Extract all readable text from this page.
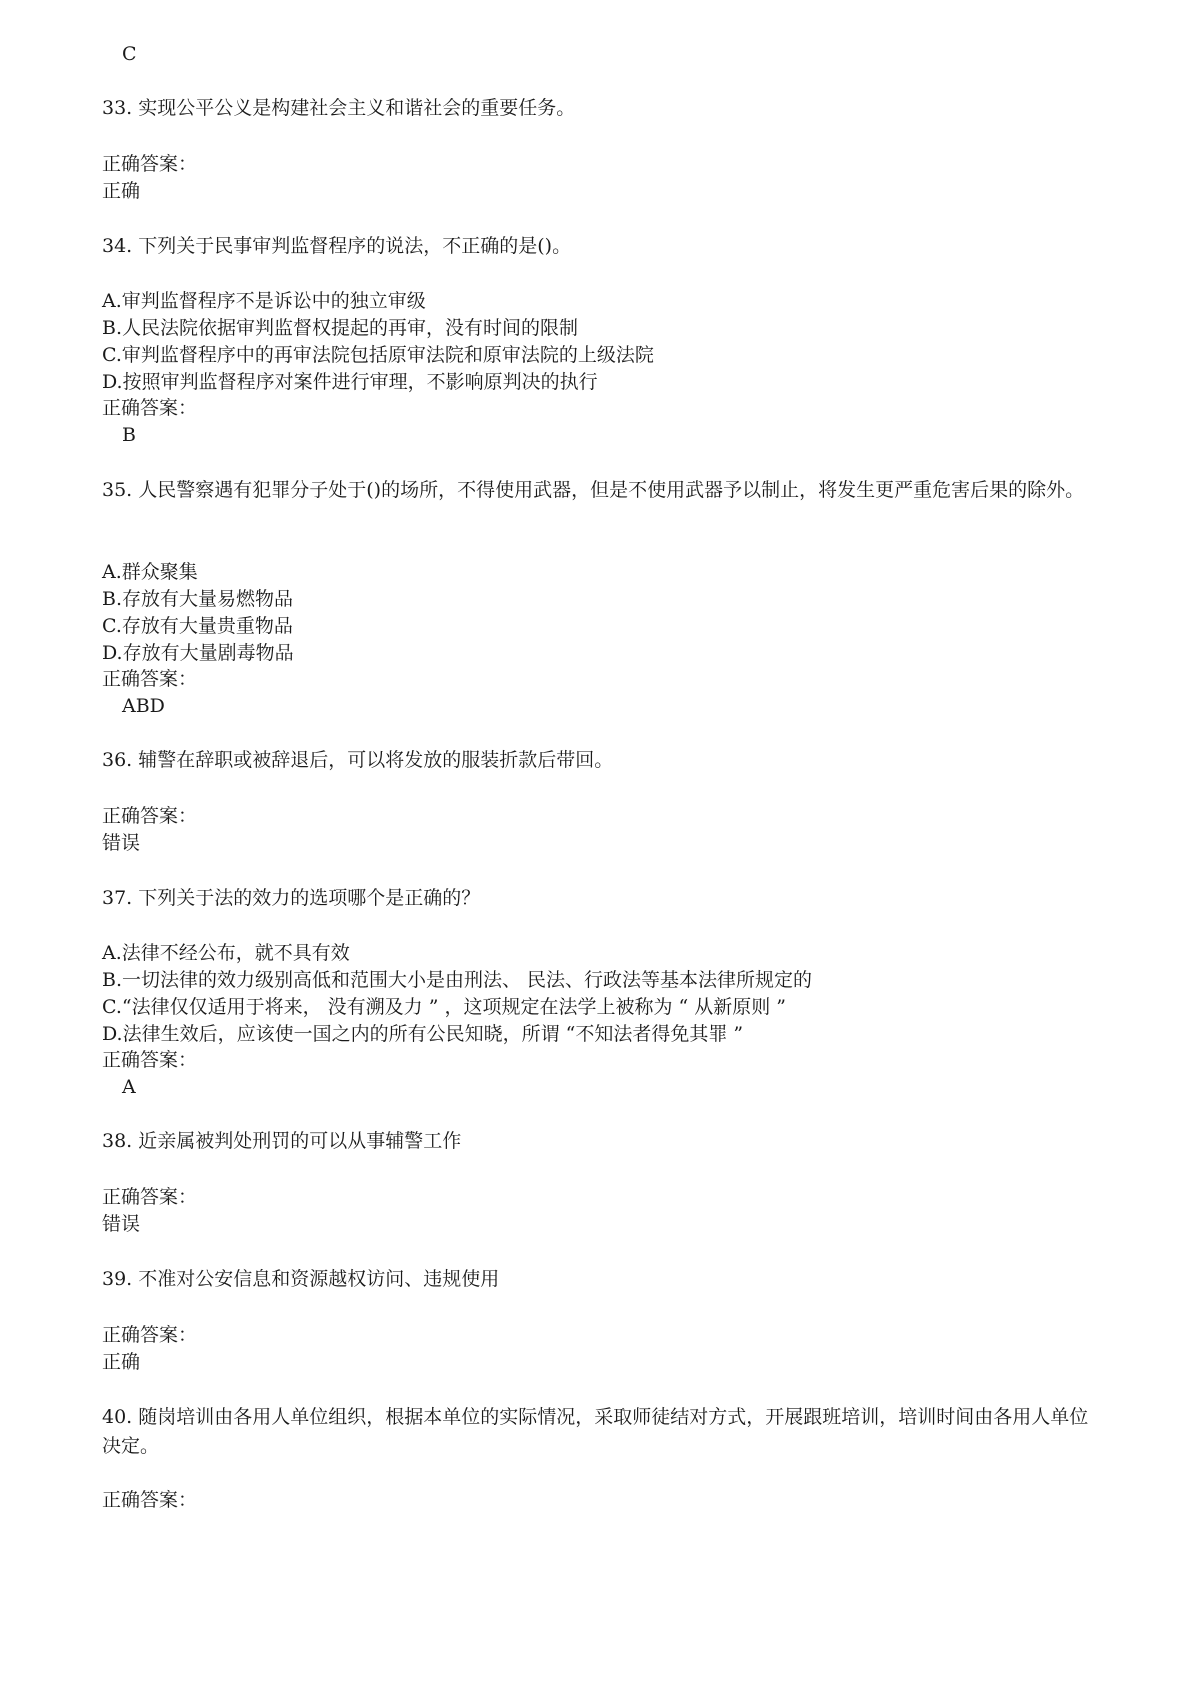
C
33. 实现公平公义是构建社会主义和谐社会的重要任务。
正确答案：
正确
34. 下列关于民事审判监督程序的说法，不正确的是()。
A.审判监督程序不是诉讼中的独立审级
B.人民法院依据审判监督权提起的再审，没有时间的限制
C.审判监督程序中的再审法院包括原审法院和原审法院的上级法院
D.按照审判监督程序对案件进行审理，不影响原判决的执行
正确答案：
B
35. 人民警察遇有犯罪分子处于()的场所，不得使用武器，但是不使用武器予以制止，将发生更严重危害后果的除外。
A.群众聚集
B.存放有大量易燃物品
C.存放有大量贵重物品
D.存放有大量剧毒物品
正确答案：
ABD
36. 辅警在辞职或被辞退后，可以将发放的服装折款后带回。
正确答案：
错误
37. 下列关于法的效力的选项哪个是正确的？
A.法律不经公布，就不具有效
B.一切法律的效力级别高低和范围大小是由刑法、 民法、行政法等基本法律所规定的
C.“法律仅仅适用于将来， 没有溯及力 ” ，这项规定在法学上被称为 “ 从新原则 ”
D.法律生效后，应该使一国之内的所有公民知晓，所谓 “不知法者得免其罪 ”
正确答案：
A
38. 近亲属被判处刑罚的可以从事辅警工作
正确答案：
错误
39. 不准对公安信息和资源越权访问、违规使用
正确答案：
正确
40. 随岗培训由各用人单位组织，根据本单位的实际情况，采取师徒结对方式，开展跟班培训，培训时间由各用人单位决定。
正确答案：
